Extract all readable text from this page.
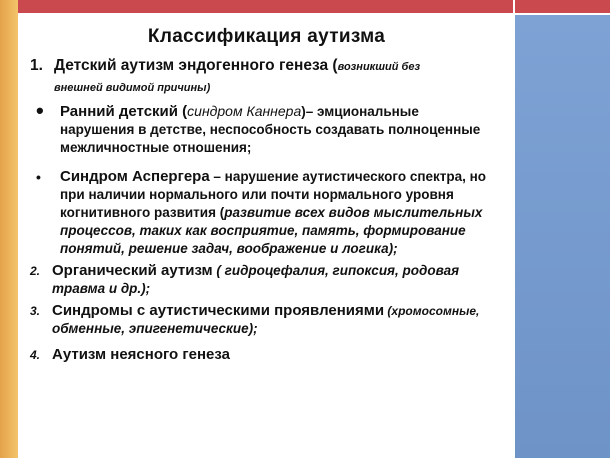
Классификация аутизма
1. Детский аутизм эндогенного генеза (возникший без
внешней видимой причины)
• Ранний детский (синдром Каннера)– эмциональные
нарушения в детстве, неспособность создавать полноценные
межличностные отношения;
• Синдром Аспергера – нарушение аутистического спектра, но
при наличии нормального или почти нормального уровня
когнитивного развития (развитие всех видов мыслительных
процессов, таких как восприятие, память, формирование
понятий, решение задач, воображение и логика);
2. Органический аутизм ( гидроцефалия, гипоксия, родовая
травма и др.);
3. Синдромы с аутистическими проявлениями (хромосомные,
обменные, эпигенетические);
4. Аутизм неясного генеза
